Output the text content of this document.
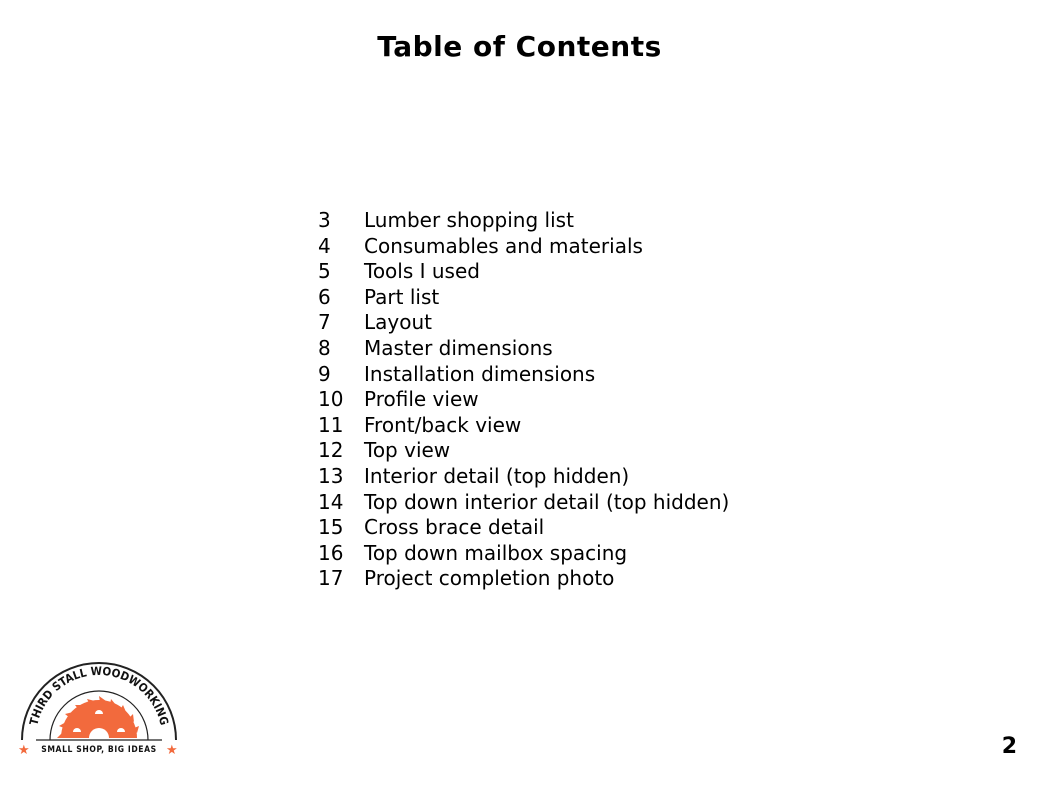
Table of Contents
3	Lumber shopping list
4	Consumables and materials
5	Tools I used
6	Part list
7	Layout
8	Master dimensions
9	Installation dimensions
10	Profile view
11	Front/back view
12	Top view
13	Interior detail (top hidden)
14	Top down interior detail (top hidden)
15	Cross brace detail
16	Top down mailbox spacing
17	Project completion photo
THIRD STALL WOODWORKING
★	★
SMALL SHOP, BIG IDEAS	2
